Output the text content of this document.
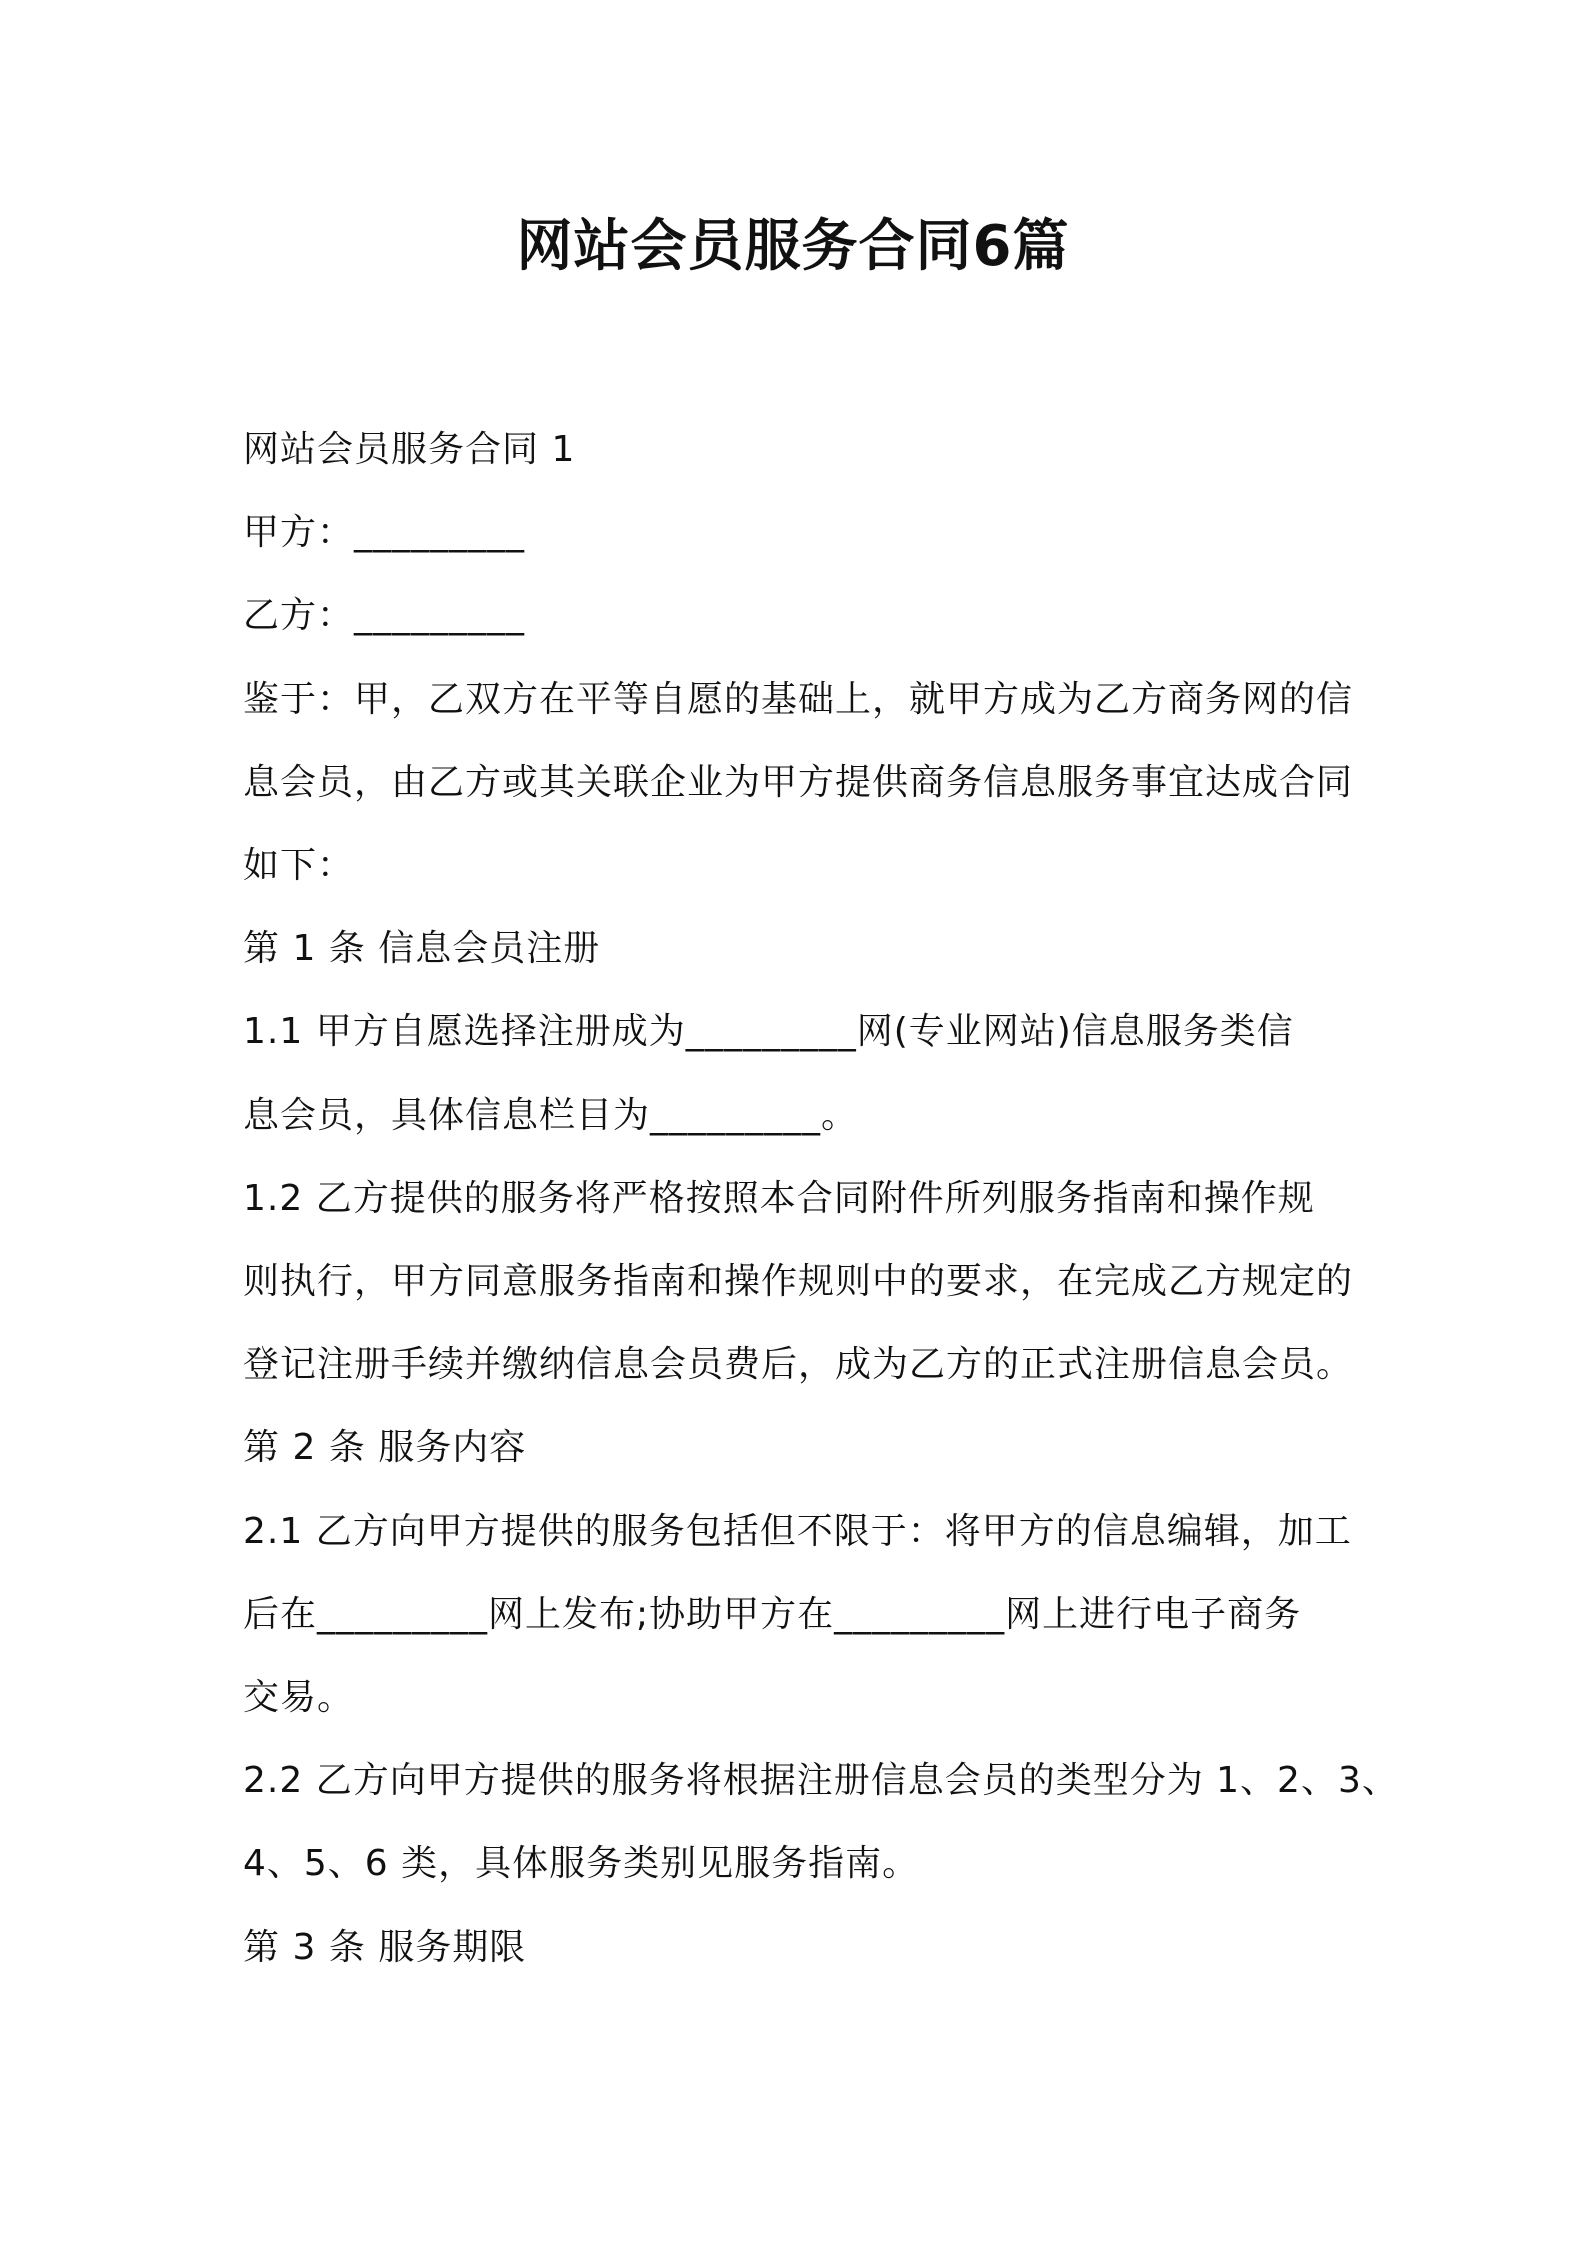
网站会员服务合同6篇

网站会员服务合同 1

甲方：_________

乙方：_________

鉴于：甲，乙双方在平等自愿的基础上，就甲方成为乙方商务网的信

息会员，由乙方或其关联企业为甲方提供商务信息服务事宜达成合同

如下：

第 1 条 信息会员注册

1.1 甲方自愿选择注册成为_________网(专业网站)信息服务类信

息会员，具体信息栏目为_________。

1.2 乙方提供的服务将严格按照本合同附件所列服务指南和操作规

则执行，甲方同意服务指南和操作规则中的要求，在完成乙方规定的

登记注册手续并缴纳信息会员费后，成为乙方的正式注册信息会员。

第 2 条 服务内容

2.1 乙方向甲方提供的服务包括但不限于：将甲方的信息编辑，加工

后在_________网上发布;协助甲方在_________网上进行电子商务

交易。

2.2 乙方向甲方提供的服务将根据注册信息会员的类型分为 1、2、3、

4、5、6 类，具体服务类别见服务指南。

第 3 条 服务期限
